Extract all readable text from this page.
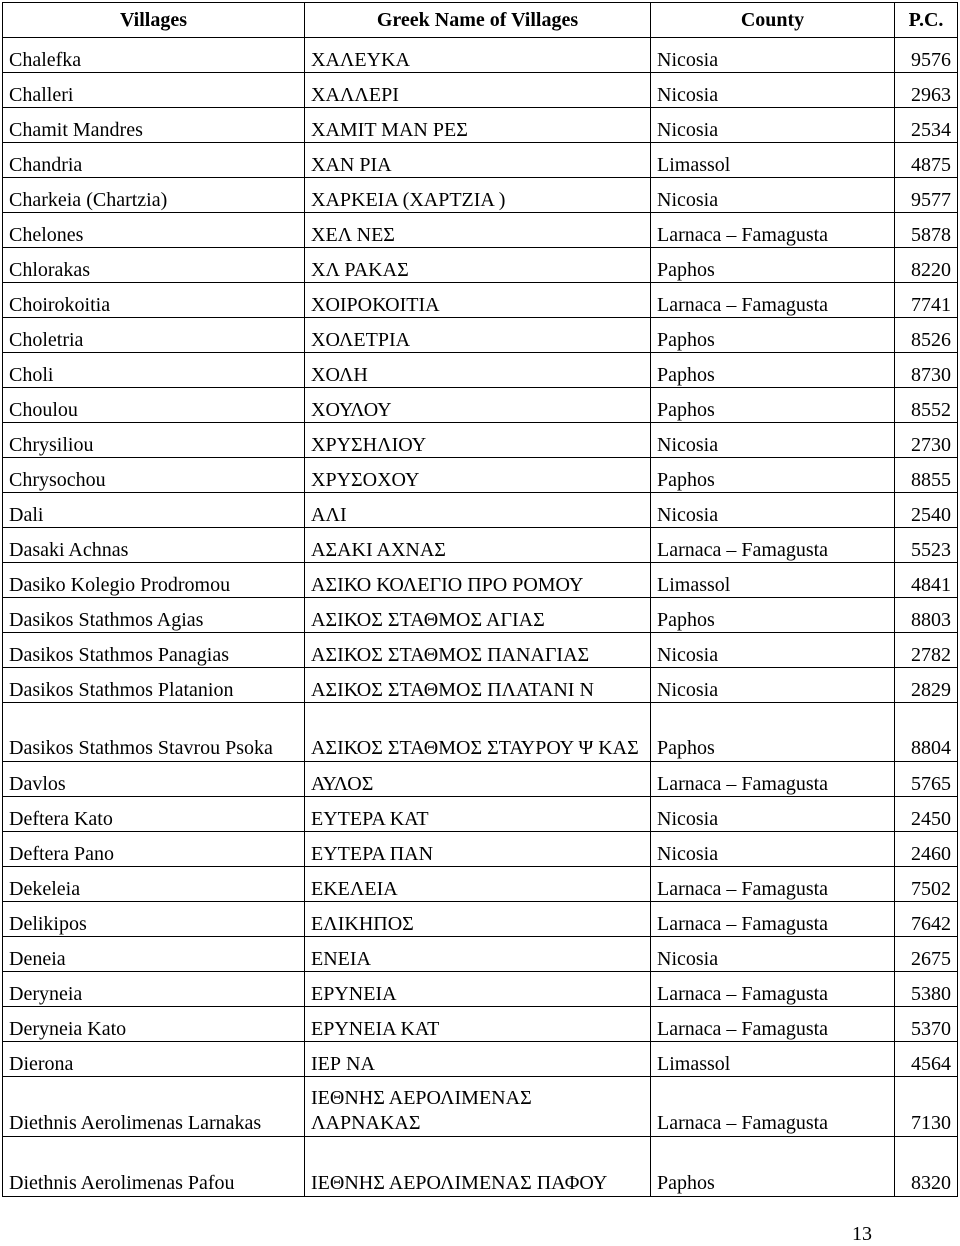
Villages	Greek Name of Villages	County	P.C.
Chalefka	ΧΑΛΕΥΚΑ	Nicosia	9576
Challeri	ΧΑΛΛΕΡΙ	Nicosia	2963
Chamit Mandres	ΧΑΜΙΤ ΜΑΝ ΡΕΣ	Nicosia	2534
Chandria	ΧΑΝ ΡΙΑ	Limassol	4875
Charkeia (Chartzia)	ΧΑΡΚΕΙΑ (ΧΑΡΤΖΙΑ )	Nicosia	9577
Chelones	ΧΕΛ ΝΕΣ	Larnaca – Famagusta	5878
Chlorakas	ΧΛ ΡΑΚΑΣ	Paphos	8220
Choirokoitia	ΧΟΙΡΟΚΟΙΤΙΑ	Larnaca – Famagusta	7741
Choletria	ΧΟΛΕΤΡΙΑ	Paphos	8526
Choli	ΧΟΛΗ	Paphos	8730
Choulou	ΧΟΥΛΟΥ	Paphos	8552
Chrysiliou	ΧΡΥΣΗΛΙΟΥ	Nicosia	2730
Chrysochou	ΧΡΥΣΟΧΟΥ	Paphos	8855
Dali	ΑΛΙ	Nicosia	2540
Dasaki Achnas	ΑΣΑΚΙ ΑΧΝΑΣ	Larnaca – Famagusta	5523
Dasiko Kolegio Prodromou	ΑΣΙΚΟ ΚΟΛΕΓΙΟ ΠΡΟ ΡΟΜΟΥ	Limassol	4841
Dasikos Stathmos Agias	ΑΣΙΚΟΣ ΣΤΑΘΜΟΣ ΑΓΙΑΣ	Paphos	8803
Dasikos Stathmos Panagias	ΑΣΙΚΟΣ ΣΤΑΘΜΟΣ ΠΑΝΑΓΙΑΣ	Nicosia	2782
Dasikos Stathmos Platanion	ΑΣΙΚΟΣ ΣΤΑΘΜΟΣ ΠΛΑΤΑΝΙ Ν	Nicosia	2829
Dasikos Stathmos Stavrou Psoka	ΑΣΙΚΟΣ ΣΤΑΘΜΟΣ ΣΤΑΥΡΟΥ Ψ ΚΑΣ	Paphos	8804
Davlos	ΑΥΛΟΣ	Larnaca – Famagusta	5765
Deftera Kato	ΕΥΤΕΡΑ ΚΑΤ	Nicosia	2450
Deftera Pano	ΕΥΤΕΡΑ ΠΑΝ	Nicosia	2460
Dekeleia	ΕΚΕΛΕΙΑ	Larnaca – Famagusta	7502
Delikipos	ΕΛΙΚΗΠΟΣ	Larnaca – Famagusta	7642
Deneia	ΕΝΕΙΑ	Nicosia	2675
Deryneia	ΕΡΥΝΕΙΑ	Larnaca – Famagusta	5380
Deryneia Kato	ΕΡΥΝΕΙΑ ΚΑΤ	Larnaca – Famagusta	5370
Dierona	ΙΕΡ ΝΑ	Limassol	4564
Diethnis Aerolimenas Larnakas	ΙΕΘΝΗΣ ΑΕΡΟΛΙΜΕΝΑΣ ΛΑΡΝΑΚΑΣ	Larnaca – Famagusta	7130
Diethnis Aerolimenas Pafou	ΙΕΘΝΗΣ ΑΕΡΟΛΙΜΕΝΑΣ ΠΑΦΟΥ	Paphos	8320
13
